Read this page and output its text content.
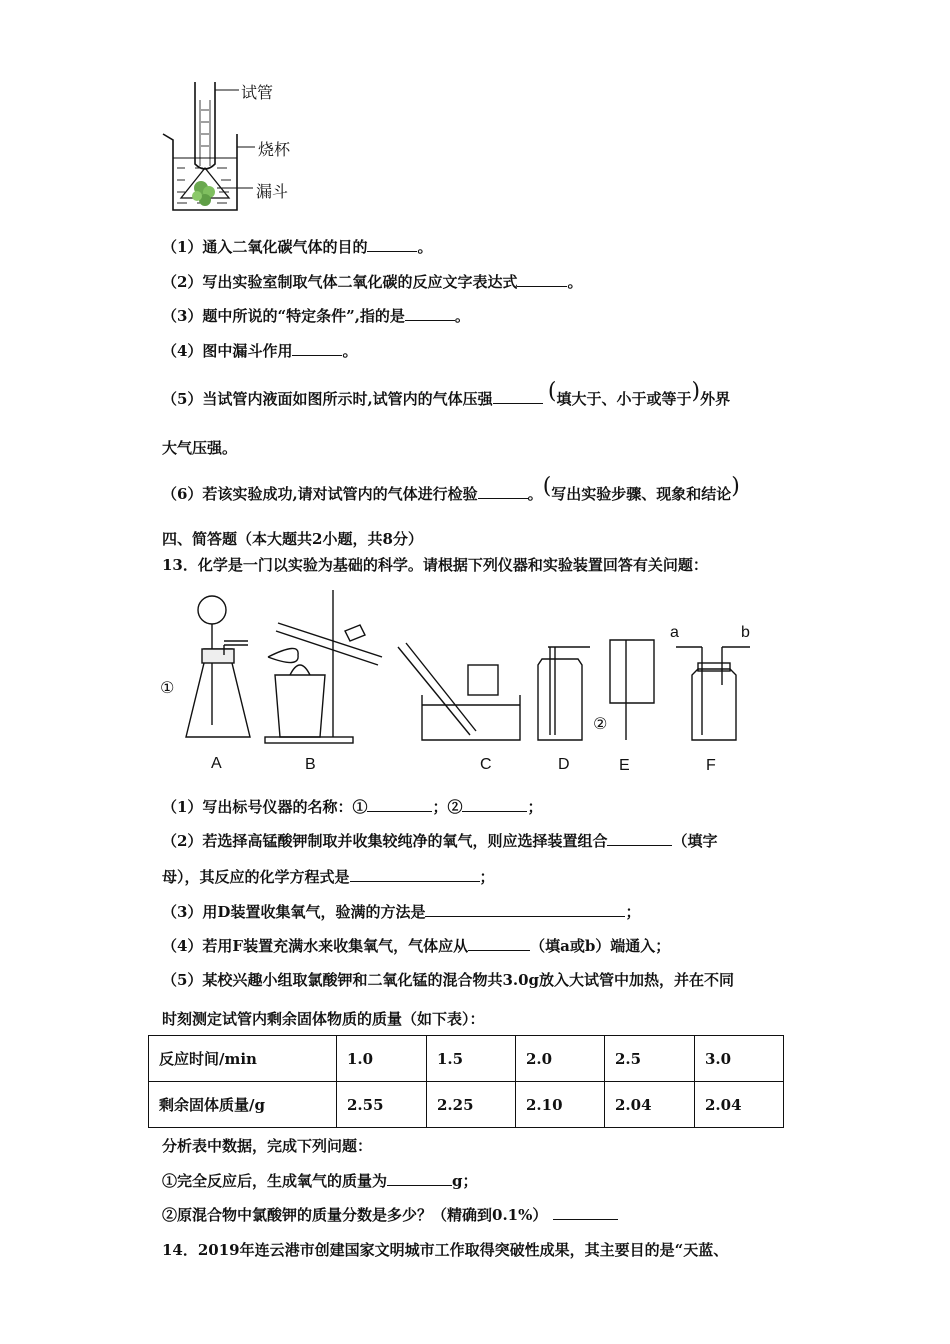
试管
烧杯
漏斗
（1）通入二氧化碳气体的目的	。
（2）写出实验室制取气体二氧化碳的反应文字表达式	。
（3）题中所说的“特定条件”,指的是	。
（4）图中漏斗作用	。
（5）当试管内液面如图所示时,试管内的气体压强	(填大于、小于或等于)外界
大气压强。
（6）若该实验成功,请对试管内的气体进行检验	。(写出实验步骤、现象和结论)
四、简答题（本大题共2小题，共8分）
13．化学是一门以实验为基础的科学。请根据下列仪器和实验装置回答有关问题：
①
②
a	b
A	B	C	D	E	F
（1）写出标号仪器的名称：①	；②	；
（2）若选择高锰酸钾制取并收集较纯净的氧气，则应选择装置组合	（填字
母），其反应的化学方程式是	；
（3）用D装置收集氧气，验满的方法是	；
（4）若用F装置充满水来收集氧气，气体应从	（填a或b）端通入；
（5）某校兴趣小组取氯酸钾和二氧化锰的混合物共3.0g放入大试管中加热，并在不同
时刻测定试管内剩余固体物质的质量（如下表）：
反应时间/min	1.0	1.5	2.0	2.5	3.0
剩余固体质量/g	2.55	2.25	2.10	2.04	2.04
分析表中数据，完成下列问题：
①完全反应后，生成氧气的质量为	g；
②原混合物中氯酸钾的质量分数是多少？（精确到0.1%）
14．2019年连云港市创建国家文明城市工作取得突破性成果，其主要目的是“天蓝、
